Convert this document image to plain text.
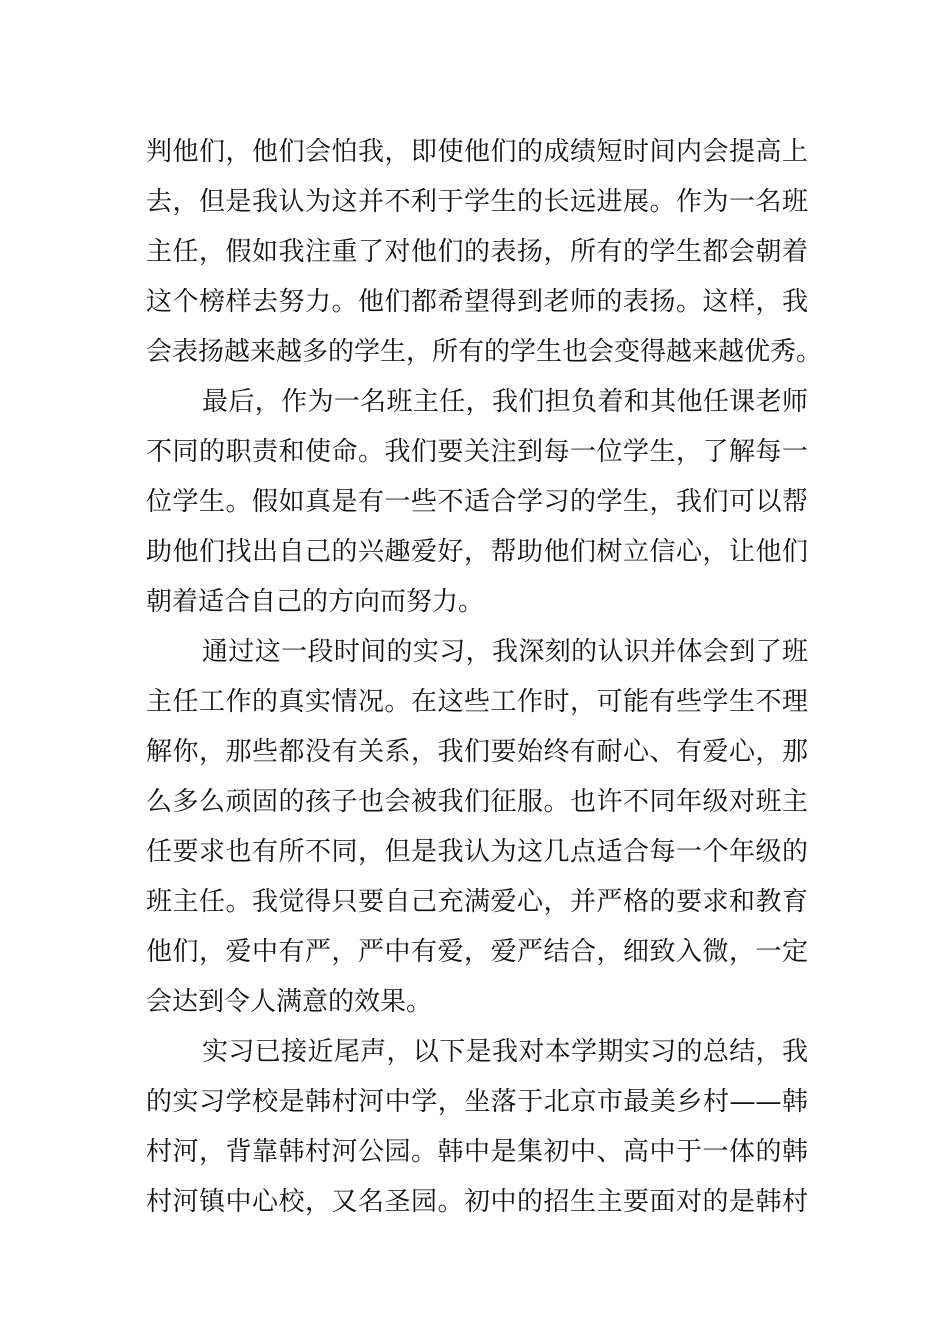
判他们，他们会怕我，即使他们的成绩短时间内会提高上
去，但是我认为这并不利于学生的长远进展。作为一名班
主任，假如我注重了对他们的表扬，所有的学生都会朝着
这个榜样去努力。他们都希望得到老师的表扬。这样，我
会表扬越来越多的学生，所有的学生也会变得越来越优秀。
最后，作为一名班主任，我们担负着和其他任课老师
不同的职责和使命。我们要关注到每一位学生，了解每一
位学生。假如真是有一些不适合学习的学生，我们可以帮
助他们找出自己的兴趣爱好，帮助他们树立信心，让他们
朝着适合自己的方向而努力。
通过这一段时间的实习，我深刻的认识并体会到了班
主任工作的真实情况。在这些工作时，可能有些学生不理
解你，那些都没有关系，我们要始终有耐心、有爱心，那
么多么顽固的孩子也会被我们征服。也许不同年级对班主
任要求也有所不同，但是我认为这几点适合每一个年级的
班主任。我觉得只要自己充满爱心，并严格的要求和教育
他们，爱中有严，严中有爱，爱严结合，细致入微，一定
会达到令人满意的效果。
实习已接近尾声，以下是我对本学期实习的总结，我
的实习学校是韩村河中学，坐落于北京市最美乡村——韩
村河，背靠韩村河公园。韩中是集初中、高中于一体的韩
村河镇中心校，又名圣园。初中的招生主要面对的是韩村
